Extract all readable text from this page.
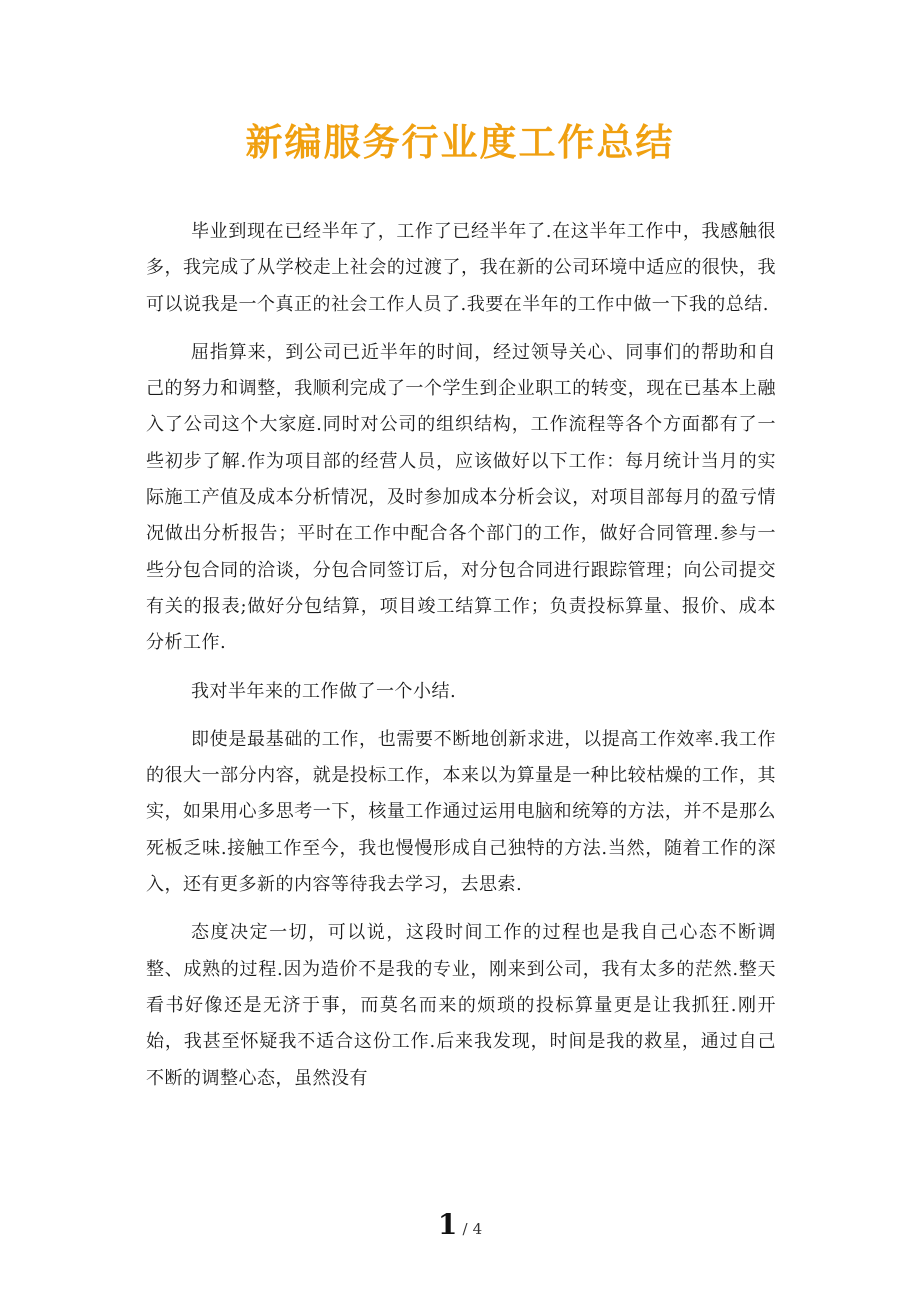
新编服务行业度工作总结

毕业到现在已经半年了，工作了已经半年了.在这半年工作中，我感触很多，我完成了从学校走上社会的过渡了，我在新的公司环境中适应的很快，我可以说我是一个真正的社会工作人员了.我要在半年的工作中做一下我的总结.

屈指算来，到公司已近半年的时间，经过领导关心、同事们的帮助和自己的努力和调整，我顺利完成了一个学生到企业职工的转变，现在已基本上融入了公司这个大家庭.同时对公司的组织结构，工作流程等各个方面都有了一些初步了解.作为项目部的经营人员，应该做好以下工作：每月统计当月的实际施工产值及成本分析情况，及时参加成本分析会议，对项目部每月的盈亏情况做出分析报告；平时在工作中配合各个部门的工作，做好合同管理.参与一些分包合同的洽谈，分包合同签订后，对分包合同进行跟踪管理；向公司提交有关的报表;做好分包结算，项目竣工结算工作；负责投标算量、报价、成本分析工作.

我对半年来的工作做了一个小结.

即使是最基础的工作，也需要不断地创新求进，以提高工作效率.我工作的很大一部分内容，就是投标工作，本来以为算量是一种比较枯燥的工作，其实，如果用心多思考一下，核量工作通过运用电脑和统筹的方法，并不是那么死板乏味.接触工作至今，我也慢慢形成自己独特的方法.当然，随着工作的深入，还有更多新的内容等待我去学习，去思索.

态度决定一切，可以说，这段时间工作的过程也是我自己心态不断调整、成熟的过程.因为造价不是我的专业，刚来到公司，我有太多的茫然.整天看书好像还是无济于事，而莫名而来的烦琐的投标算量更是让我抓狂.刚开始，我甚至怀疑我不适合这份工作.后来我发现，时间是我的救星，通过自己不断的调整心态，虽然没有

1 / 4
